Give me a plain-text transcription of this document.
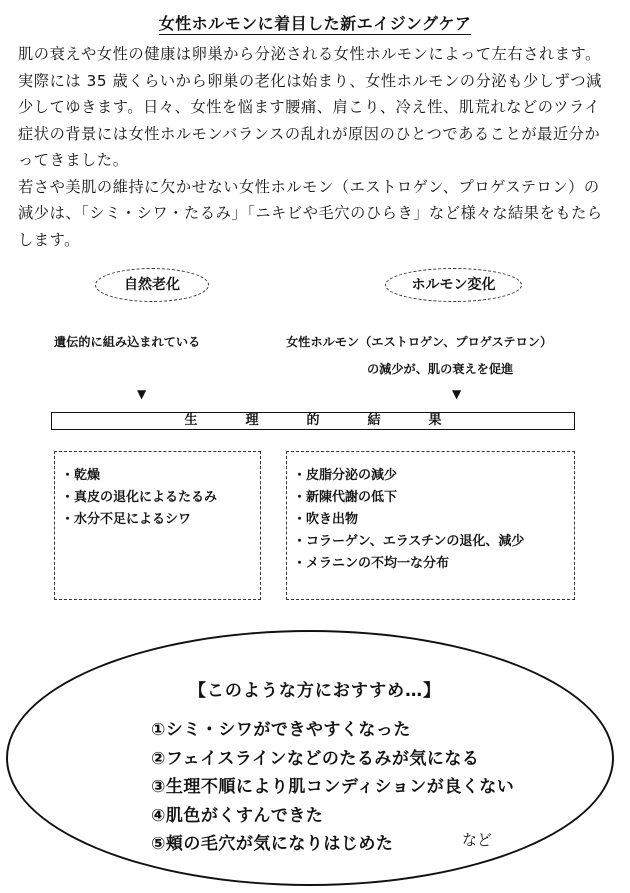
女性ホルモンに着目した新エイジングケア

肌の衰えや女性の健康は卵巣から分泌される女性ホルモンによって左右されます。

実際には 35 歳くらいから卵巣の老化は始まり、女性ホルモンの分泌も少しずつ減

少してゆきます。日々、女性を悩ます腰痛、肩こり、冷え性、肌荒れなどのツライ

症状の背景には女性ホルモンバランスの乱れが原因のひとつであることが最近分か

ってきました。

若さや美肌の維持に欠かせない女性ホルモン（エストロゲン、プロゲステロン）の

減少は、「シミ・シワ・たるみ」「ニキビや毛穴のひらき」など様々な結果をもたら

します。

自然老化	ホルモン変化
遺伝的に組み込まれている	女性ホルモン（エストロゲン、プロゲステロン）
の減少が、肌の衰えを促進
▼	▼
生	理	的	結	果
・乾燥
・真皮の退化によるたるみ
・水分不足によるシワ
・皮脂分泌の減少
・新陳代謝の低下
・吹き出物
・コラーゲン、エラスチンの退化、減少
・メラニンの不均一な分布
【このような方におすすめ…】
①シミ・シワができやすくなった
②フェイスラインなどのたるみが気になる
③生理不順により肌コンディションが良くない
④肌色がくすんできた
⑤頬の毛穴が気になりはじめた	など
